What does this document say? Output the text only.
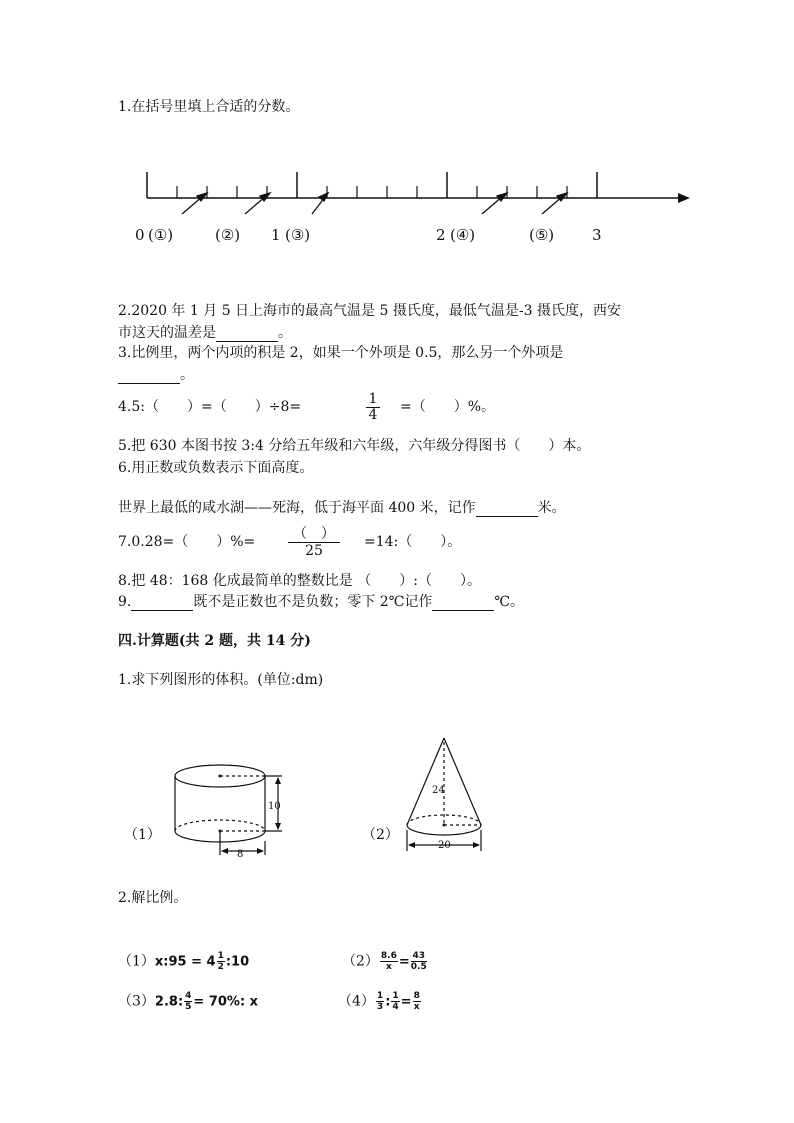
1.在括号里填上合适的分数。
0 (①)	(②) 1 (③)	2 (④)	(⑤)	3
2.2020 年 1 月 5 日上海市的最高气温是 5 摄氏度，最低气温是-3 摄氏度，西安
市这天的温差是	。
3.比例里，两个内项的积是 2，如果一个外项是 0.5，那么另一个外项是
。
4.5:（　　）=（　　）÷8=	$\frac{1}{4}$ =（　　）%。
5.把 630 本图书按 3:4 分给五年级和六年级，六年级分得图书（　　）本。
6.用正数或负数表示下面高度。
世界上最低的咸水湖——死海，低于海平面 400 米，记作	米。
7.0.28=（　　）%=	（　）
25
=14:（　　）。
8.把 48：168 化成最简单的整数比是 （　　）:（　　）。
9.	既不是正数也不是负数；零下 2℃记作	℃。
四.计算题(共 2 题，共 14 分)
1.求下列图形的体积。(单位:dm)
（1）
10
8
（2）
24
20
2.解比例。
（1）x:95 = $4 \frac{1}{2}$ :10	$(2) \frac{8.6}{x} = \frac{43}{0.5}$
（3）2.8: $\frac{4}{5} = 70\%$: x	$(4) \frac{1}{3}$ : $\frac{1}{4} = \frac{8}{x}$
